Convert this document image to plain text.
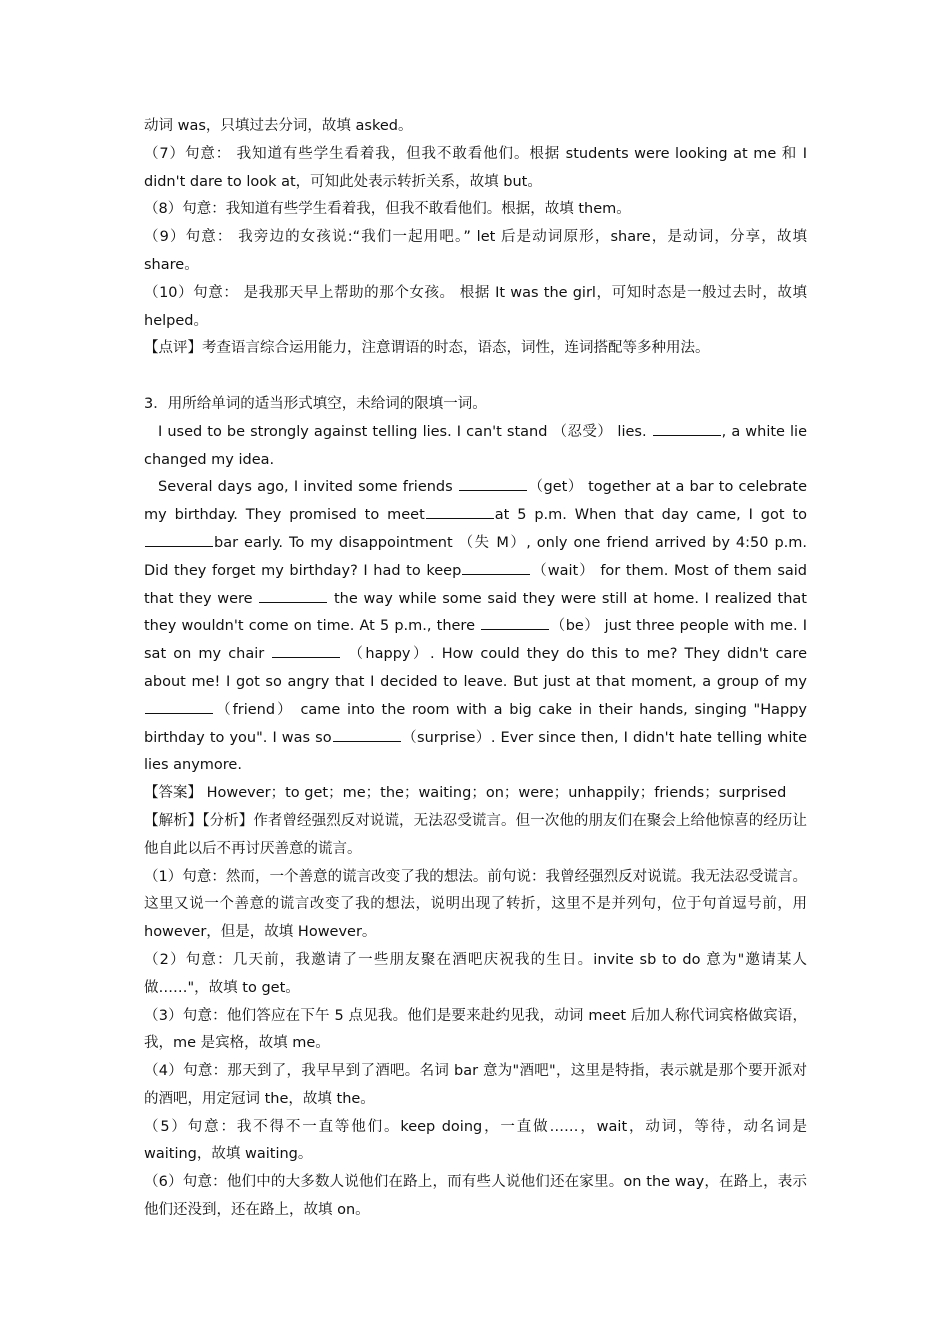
动词 was，只填过去分词，故填 asked。

（7）句意： 我知道有些学生看着我，但我不敢看他们。根据 students were looking at me 和 I didn't dare to look at，可知此处表示转折关系，故填 but。

（8）句意：我知道有些学生看着我，但我不敢看他们。根据，故填 them。

（9）句意： 我旁边的女孩说:“我们一起用吧。” let 后是动词原形，share，是动词，分享，故填 share。

（10）句意： 是我那天早上帮助的那个女孩。 根据 It was the girl，可知时态是一般过去时，故填 helped。

【点评】考查语言综合运用能力，注意谓语的时态，语态，词性，连词搭配等多种用法。

3．用所给单词的适当形式填空，未给词的限填一词。

I used to be strongly against telling lies. I can't stand （忍受） lies.	, a white lie changed my idea.

Several days ago, I invited some friends	（get） together at a bar to celebrate my birthday. They promised to meet	at 5 p.m. When that day came, I got to bar early. To my disappointment （失 M）, only one friend arrived by 4:50 p.m. Did they forget my birthday? I had to keep	（wait） for them. Most of them said that they were	the way while some said they were still at home. I realized that they wouldn't come on time. At 5 p.m., there	（be） just three people with me. I sat on my chair	（happy）. How could they do this to me? They didn't care about me! I got so angry that I decided to leave. But just at that moment, a group of my（friend） came into the room with a big cake in their hands, singing "Happy birthday to you". I was so	（surprise）. Ever since then, I didn't hate telling white lies anymore.

【答案】 However；to get；me；the；waiting；on；were；unhappily；friends；surprised

【解析】【分析】作者曾经强烈反对说谎，无法忍受谎言。但一次他的朋友们在聚会上给他惊喜的经历让他自此以后不再讨厌善意的谎言。

（1）句意：然而，一个善意的谎言改变了我的想法。前句说：我曾经强烈反对说谎。我无法忍受谎言。这里又说一个善意的谎言改变了我的想法，说明出现了转折，这里不是并列句，位于句首逗号前，用 however，但是，故填 However。

（2）句意：几天前，我邀请了一些朋友聚在酒吧庆祝我的生日。invite sb to do 意为"邀请某人做……"，故填 to get。

（3）句意：他们答应在下午 5 点见我。他们是要来赴约见我，动词 meet 后加人称代词宾格做宾语，我，me 是宾格，故填 me。

（4）句意：那天到了，我早早到了酒吧。名词 bar 意为"酒吧"，这里是特指，表示就是那个要开派对的酒吧，用定冠词 the，故填 the。

（5）句意：我不得不一直等他们。keep doing，一直做……，wait，动词，等待，动名词是 waiting，故填 waiting。

（6）句意：他们中的大多数人说他们在路上，而有些人说他们还在家里。on the way，在路上，表示他们还没到，还在路上，故填 on。
